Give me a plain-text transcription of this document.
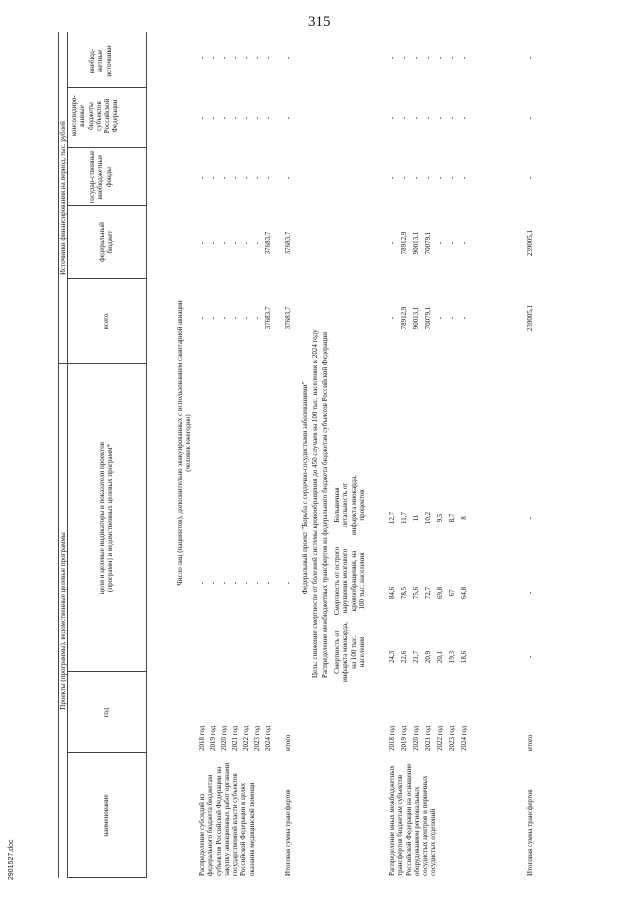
315
Проекты (программы), ведомственные целевые программы
Источники финансирования на период, тыс. рублей
наименование
год
цели и целевые индикаторы и показатели проектов (программ) и ведомственных целевых программ*
всего
федеральный бюджет
государ-ственные внебюджетные фонды
консолидиро-ванные бюджеты субъектов Российской Федерации
внебюд-жетные источники
Число лиц (пациентов), дополнительно эвакуированных с использованием санитарной авиации (человек ежегодно)
Распределение субсидий из федерального бюджета бюджетам субъектов Российской Федерации на закупку авиационных работ органами государственной власти субъектов Российской Федерации в целях оказания медицинской помощи
2018 год
-
-
-
-
-
-
2019 год
-
-
-
-
-
-
2020 год
-
-
-
-
-
-
2021 год
-
-
-
-
-
-
2022 год
-
-
-
-
-
-
2023 год
-
-
-
-
-
-
2024 год
-
37683,7
37683,7
-
-
-
Итоговая сумма трансфертов
итого
-
37683,7
37683,7
-
-
-
Федеральный проект "Борьба с сердечно-сосудистыми заболеваниями" Цель: снижение смертности от болезней системы кровообращения до 450 случаев на 100 тыс. населения к 2024 году Распределение межбюджетных трансфертов из федерального бюджета бюджетам субъектов Российской Федерации Смертность от инфаркта миокарда, на 100 тыс. населения
Смертность от острого нарушения мозгового кровообращения, на 100 тыс. населения
Больничная летальность от инфаркта миокарда, процентов
Распределение иных межбюджетных трансфертов бюджетам субъектов Российской Федерации на оснащение оборудованием региональных сосудистых центров и первичных сосудистых отделений
2018 год
24,3
84,6
12,7
-
-
-
-
-
2019 год
22,6
78,5
11,7
78912,9
78912,9
-
-
-
2020 год
21,7
75,6
11
90013,1
90013,1
-
-
-
2021 год
20,9
72,7
10,2
70079,1
70079,1
-
-
-
2022 год
20,1
69,8
9,5
-
-
-
-
-
2023 год
19,3
67
8,7
-
-
-
-
-
2024 год
18,6
64,8
8
-
-
-
-
-
Итоговая сумма трансфертов
итого
-
-
-
239005,1
239005,1
-
-
-
2901527.doc
